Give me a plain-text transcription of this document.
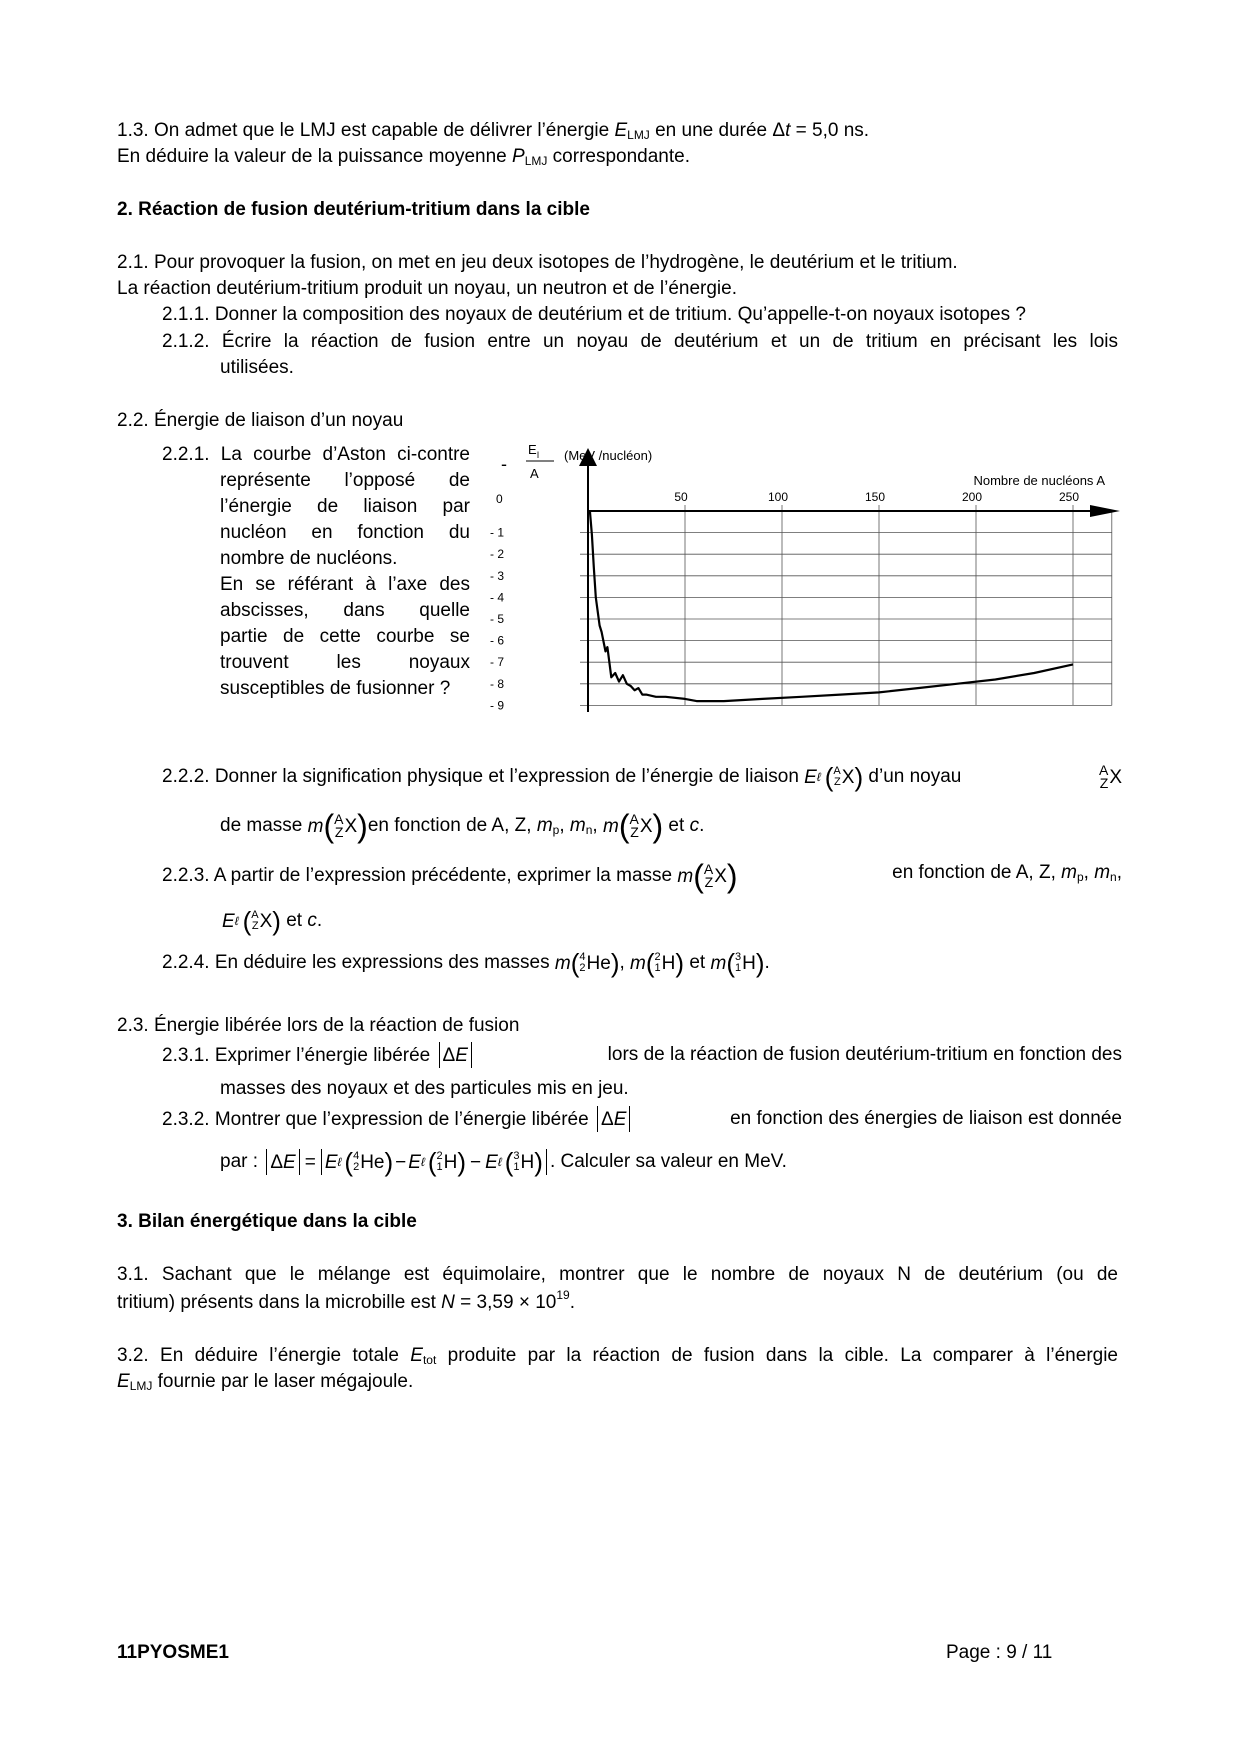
1.3. On admet que le LMJ est capable de délivrer l’énergie $E_{LMJ}$ en une durée Δt = 5,0 ns.
En déduire la valeur de la puissance moyenne $P_{LMJ}$ correspondante.
2. Réaction de fusion deutérium-tritium dans la cible
2.1. Pour provoquer la fusion, on met en jeu deux isotopes de l’hydrogène, le deutérium et le tritium.
La réaction deutérium-tritium produit un noyau, un neutron et de l’énergie.
2.1.1. Donner la composition des noyaux de deutérium et de tritium. Qu’appelle-t-on noyaux isotopes ?
2.1.2. Écrire la réaction de fusion entre un noyau de deutérium et un de tritium en précisant les lois
utilisées.
2.2. Énergie de liaison d’un noyau
2.2.1. La courbe d’Aston ci-contre
représente l’opposé de
l’énergie de liaison par
nucléon en fonction du
nombre de nucléons.
En se référant à l’axe des
abscisses, dans quelle
partie de cette courbe se
trouvent les noyaux
susceptibles de fusionner ?
-
E l
A
(MeV /nucléon)
Nombre de nucléons A
50	100	150	200	250
0
- 1
- 2
- 3
- 4
- 5
- 6
- 7
- 8
- 9
2.2.2. Donner la signification physique et l’expression de l’énergie de liaison E ℓ ( A
Z X ) d’un noyau	A
Z X
de masse m ( A
Z X ) en fonction de A, Z, $m_p$, $m_n$, m ( A
Z X ) et c.
2.2.3. A partir de l’expression précédente, exprimer la masse m ( A
Z X )	en fonction de A, Z, $m_p$, $m_n$,
E ℓ ( A
Z X ) et c.
2.2.4. En déduire les expressions des masses m ( 4
2 He ) , m ( 2
1 H ) et m ( 3
1 H ) .
2.3. Énergie libérée lors de la réaction de fusion
2.3.1. Exprimer l’énergie libérée ΔE	lors de la réaction de fusion deutérium-tritium en fonction des
masses des noyaux et des particules mis en jeu.
2.3.2. Montrer que l’expression de l’énergie libérée ΔE	en fonction des énergies de liaison est donnée
par : Δ E = E ℓ ( 4
2 He ) − E ℓ ( 2
1 H ) − E ℓ ( 3
1 H ) . Calculer sa valeur en MeV.
3. Bilan énergétique dans la cible
3.1. Sachant que le mélange est équimolaire, montrer que le nombre de noyaux N de deutérium (ou de
tritium) présents dans la microbille est $N = 3,59 \times 10^{19}$.
3.2. En déduire l’énergie totale $E_{tot}$ produite par la réaction de fusion dans la cible. La comparer à l’énergie
$E_{LMJ}$ fournie par le laser mégajoule.
11PYOSME1	Page : 9 / 11
